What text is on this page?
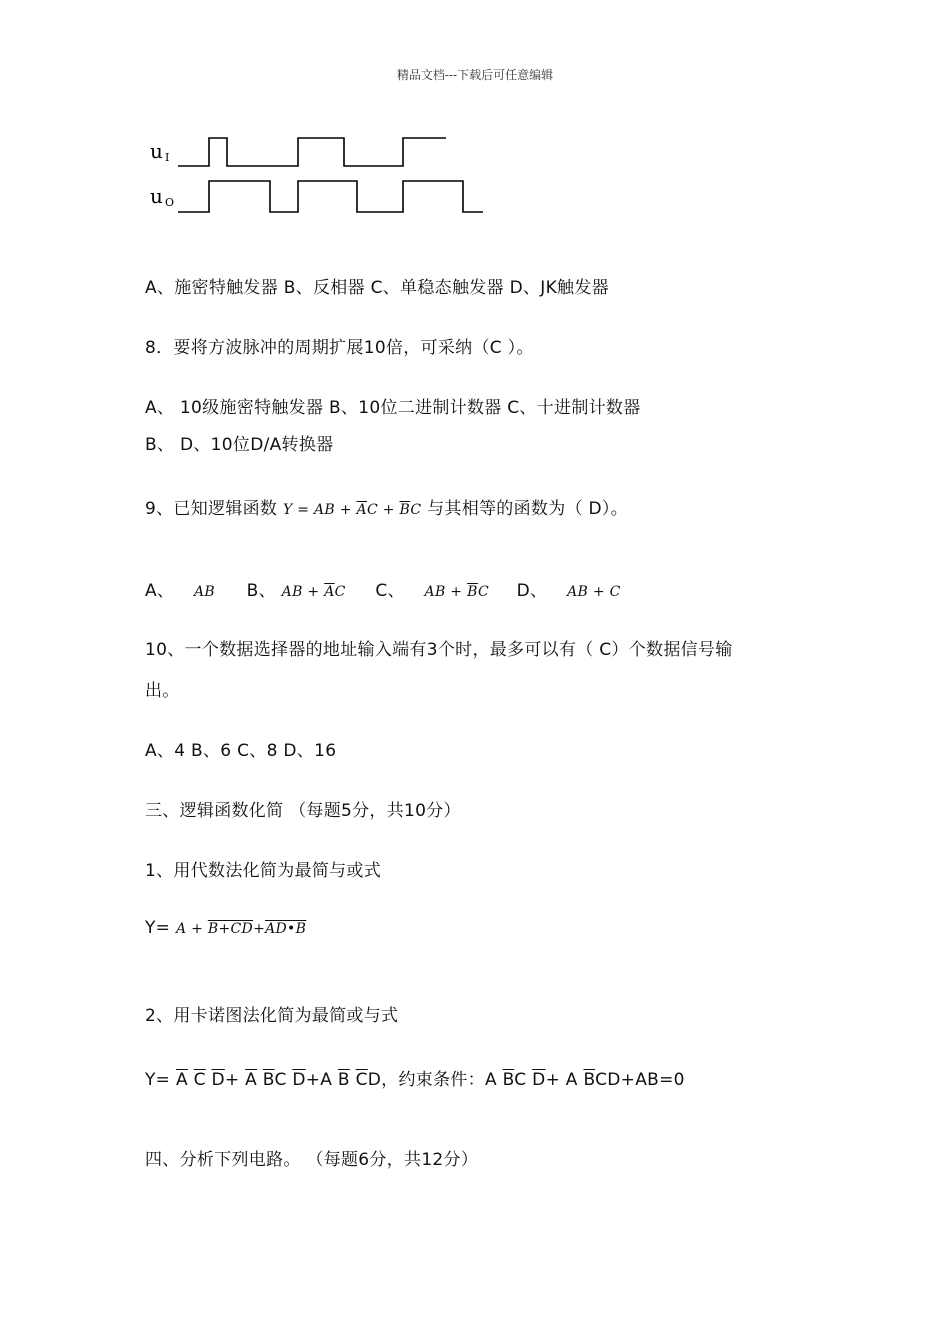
精品文档---下载后可任意编辑
u I
u O
A、施密特触发器 B、反相器 C、单稳态触发器 D、JK触发器
8．要将方波脉冲的周期扩展10倍，可采纳（C ）。
A、 10级施密特触发器 B、10位二进制计数器 C、十进制计数器
B、 D、10位D/A转换器
9、已知逻辑函数 Y = AB + $\overline{A}C + \overline{B}C$ 与其相等的函数为（ D）。
A、 AB B、 AB + $\overline{A}C$ C、 AB + $\overline{B}C$ D、 AB + C
10、一个数据选择器的地址输入端有3个时，最多可以有（ C）个数据信号输
出。
A、4 B、6 C、8 D、16
三、逻辑函数化简 （每题5分，共10分）
1、用代数法化简为最简与或式
Y= A + B+CD+AD•B
2、用卡诺图法化简为最简或与式
$Y= \overline{A}$ $\overline{C}$ $\overline{D}+ \overline{A}$ $\overline{B}C$ $\overline{D}+A$ $\overline{B}$ $\overline{C}D$，约束条件：A $\overline{B}C$ $\overline{D}+ A$ $\overline{B}CD+AB=0$
四、分析下列电路。 （每题6分，共12分）
